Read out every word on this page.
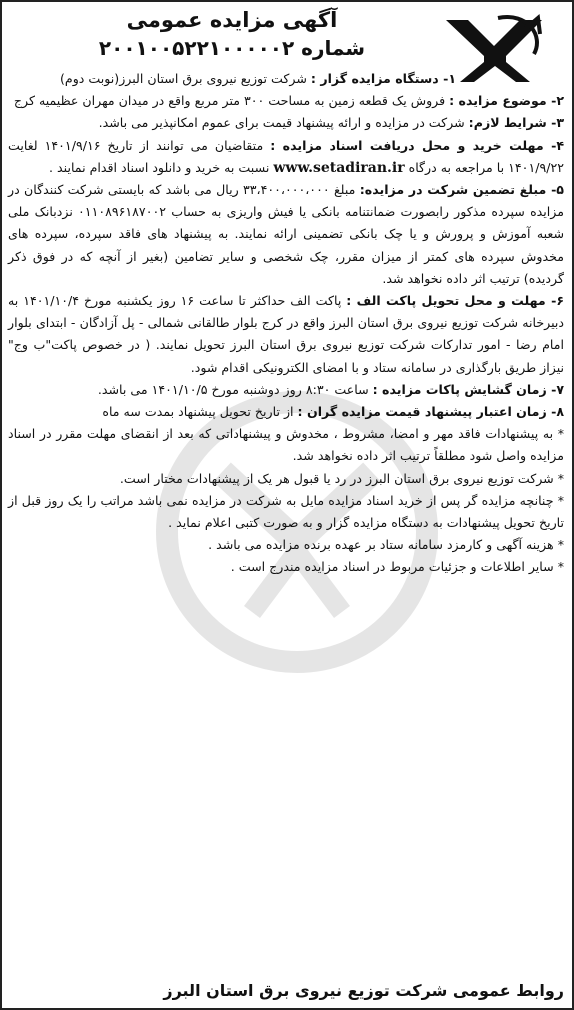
آگهی مزایده عمومی
شماره ۲۰۰۱۰۰۵۲۲۱۰۰۰۰۰۲

۱- دستگاه مزایده گزار : شرکت توزیع نیروی برق استان البرز(نوبت دوم)

۲- موضوع مزایده : فروش یک قطعه زمین به مساحت ۳۰۰ متر مربع واقع در میدان مهران عظیمیه کرج

۳- شرایط لازم: شرکت در مزایده و ارائه پیشنهاد قیمت برای عموم امکانپذیر می باشد.

۴- مهلت خرید و محل دریافت اسناد مزایده : متقاضیان می توانند از تاریخ ۱۴۰۱/۹/۱۶ لغایت ۱۴۰۱/۹/۲۲ با مراجعه به درگاه www.setadiran.ir نسبت به خرید و دانلود اسناد اقدام نمایند .

۵- مبلغ تضمین شرکت در مزایده: مبلغ ۳۳،۴۰۰،۰۰۰،۰۰۰ ریال می باشد که بایستی شرکت کنندگان در مزایده سپرده مذکور رابصورت ضمانتنامه بانکی یا فیش واریزی به حساب ۰۱۱۰۸۹۶۱۸۷۰۰۲ نزدبانک ملی شعبه آموزش و پرورش و یا چک بانکی تضمینی ارائه نمایند. به پیشنهاد های فاقد سپرده، سپرده های مخدوش سپرده های کمتر از میزان مقرر، چک شخصی و سایر تضامین (بغیر از آنچه که در فوق ذکر گردیده) ترتیب اثر داده نخواهد شد.

۶- مهلت و محل تحویل پاکت الف : پاکت الف حداکثر تا ساعت ۱۶ روز یکشنبه مورخ ۱۴۰۱/۱۰/۴ به دبیرخانه شرکت توزیع نیروی برق استان البرز واقع در کرج بلوار طالقانی شمالی - پل آزادگان - ابتدای بلوار امام رضا - امور تدارکات شرکت توزیع نیروی برق استان البرز تحویل نمایند. ( در خصوص پاکت"ب وج" نیزاز طریق بارگذاری در سامانه ستاد و با امضای الکترونیکی اقدام شود.

۷- زمان گشایش پاکات مزایده : ساعت ۸:۳۰ روز دوشنبه مورخ ۱۴۰۱/۱۰/۵ می باشد.

۸- زمان اعتبار پیشنهاد قیمت مزایده گران : از تاریخ تحویل پیشنهاد بمدت سه ماه

* به پیشنهادات فاقد مهر و امضا، مشروط ، مخدوش و پیشنهاداتی که بعد از انقضای مهلت مقرر در اسناد مزایده واصل شود مطلقاً ترتیب اثر داده نخواهد شد.

* شرکت توزیع نیروی برق استان البرز در رد یا قبول هر یک از پیشنهادات مختار است.

* چنانچه مزایده گر پس از خرید اسناد مزایده مایل به شرکت در مزایده نمی باشد مراتب را یک روز قبل از تاریخ تحویل پیشنهادات به دستگاه مزایده گزار و به صورت کتبی اعلام نماید .

* هزینه آگهی و کارمزد سامانه ستاد بر عهده برنده مزایده می باشد .

* سایر اطلاعات و جزئیات مربوط در اسناد مزایده مندرج است .

روابط عمومی شرکت توزیع نیروی برق استان البرز
